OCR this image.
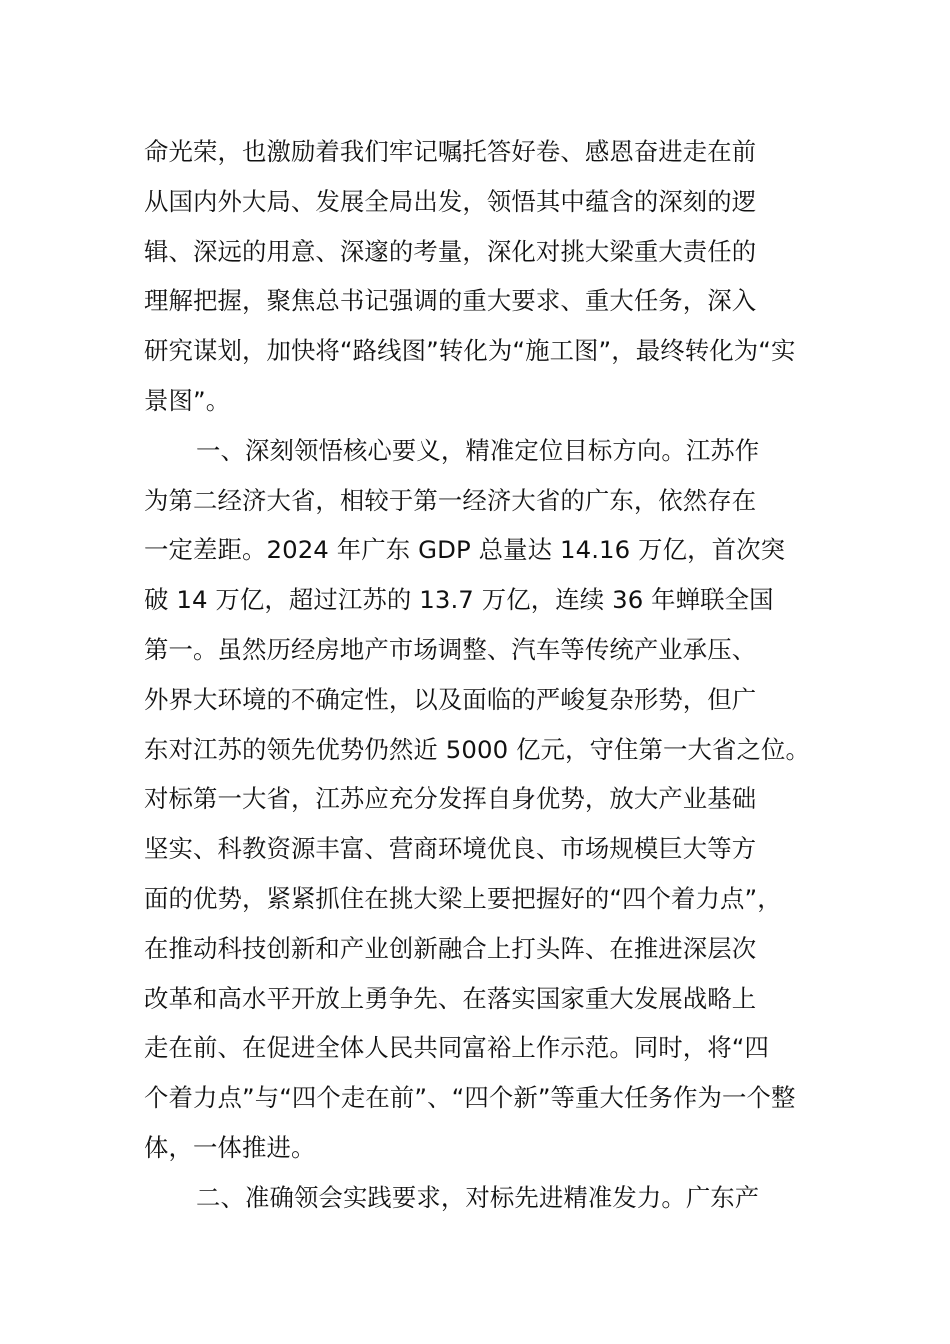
命光荣，也激励着我们牢记嘱托答好卷、感恩奋进走在前
从国内外大局、发展全局出发，领悟其中蕴含的深刻的逻
辑、深远的用意、深邃的考量，深化对挑大梁重大责任的
理解把握，聚焦总书记强调的重大要求、重大任务，深入
研究谋划，加快将“路线图”转化为“施工图”，最终转化为“实
景图”。
一、深刻领悟核心要义，精准定位目标方向。江苏作
为第二经济大省，相较于第一经济大省的广东，依然存在
一定差距。2024 年广东 GDP 总量达 14.16 万亿，首次突
破 14 万亿，超过江苏的 13.7 万亿，连续 36 年蝉联全国
第一。虽然历经房地产市场调整、汽车等传统产业承压、
外界大环境的不确定性，以及面临的严峻复杂形势，但广
东对江苏的领先优势仍然近 5000 亿元，守住第一大省之位。
对标第一大省，江苏应充分发挥自身优势，放大产业基础
坚实、科教资源丰富、营商环境优良、市场规模巨大等方
面的优势，紧紧抓住在挑大梁上要把握好的“四个着力点”，
在推动科技创新和产业创新融合上打头阵、在推进深层次
改革和高水平开放上勇争先、在落实国家重大发展战略上
走在前、在促进全体人民共同富裕上作示范。同时，将“四
个着力点”与“四个走在前”、“四个新”等重大任务作为一个整
体，一体推进。
二、准确领会实践要求，对标先进精准发力。广东产
